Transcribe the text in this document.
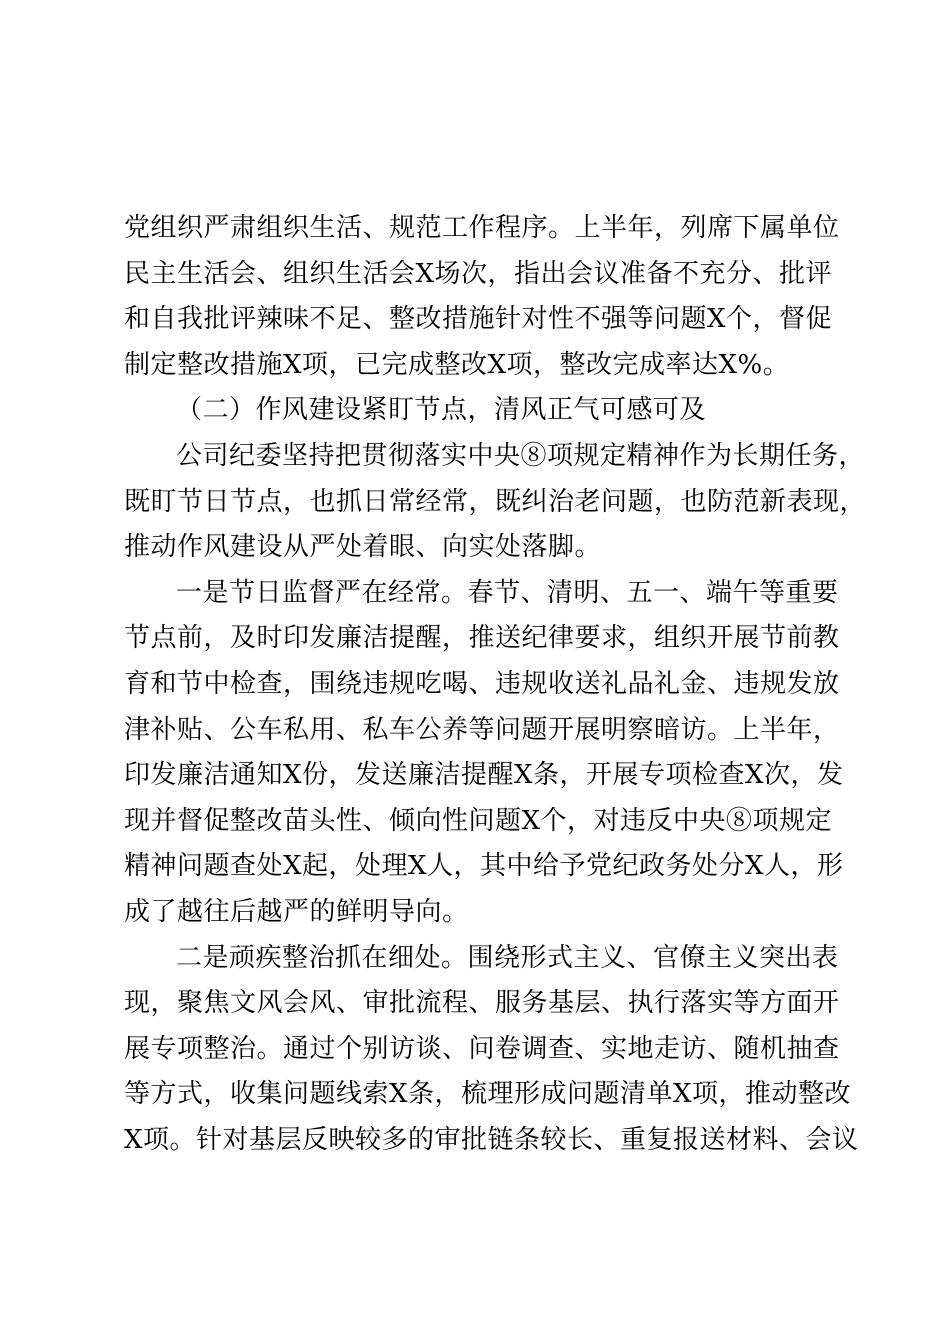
党组织严肃组织生活、规范工作程序。上半年，列席下属单位
民主生活会、组织生活会X场次，指出会议准备不充分、批评
和自我批评辣味不足、整改措施针对性不强等问题X个，督促
制定整改措施X项，已完成整改X项，整改完成率达X%。
（二）作风建设紧盯节点，清风正气可感可及
公司纪委坚持把贯彻落实中央⑧项规定精神作为长期任务，
既盯节日节点，也抓日常经常，既纠治老问题，也防范新表现，
推动作风建设从严处着眼、向实处落脚。
一是节日监督严在经常。春节、清明、五一、端午等重要
节点前，及时印发廉洁提醒，推送纪律要求，组织开展节前教
育和节中检查，围绕违规吃喝、违规收送礼品礼金、违规发放
津补贴、公车私用、私车公养等问题开展明察暗访。上半年，
印发廉洁通知X份，发送廉洁提醒X条，开展专项检查X次，发
现并督促整改苗头性、倾向性问题X个，对违反中央⑧项规定
精神问题查处X起，处理X人，其中给予党纪政务处分X人，形
成了越往后越严的鲜明导向。
二是顽疾整治抓在细处。围绕形式主义、官僚主义突出表
现，聚焦文风会风、审批流程、服务基层、执行落实等方面开
展专项整治。通过个别访谈、问卷调查、实地走访、随机抽查
等方式，收集问题线索X条，梳理形成问题清单X项，推动整改
X项。针对基层反映较多的审批链条较长、重复报送材料、会议
